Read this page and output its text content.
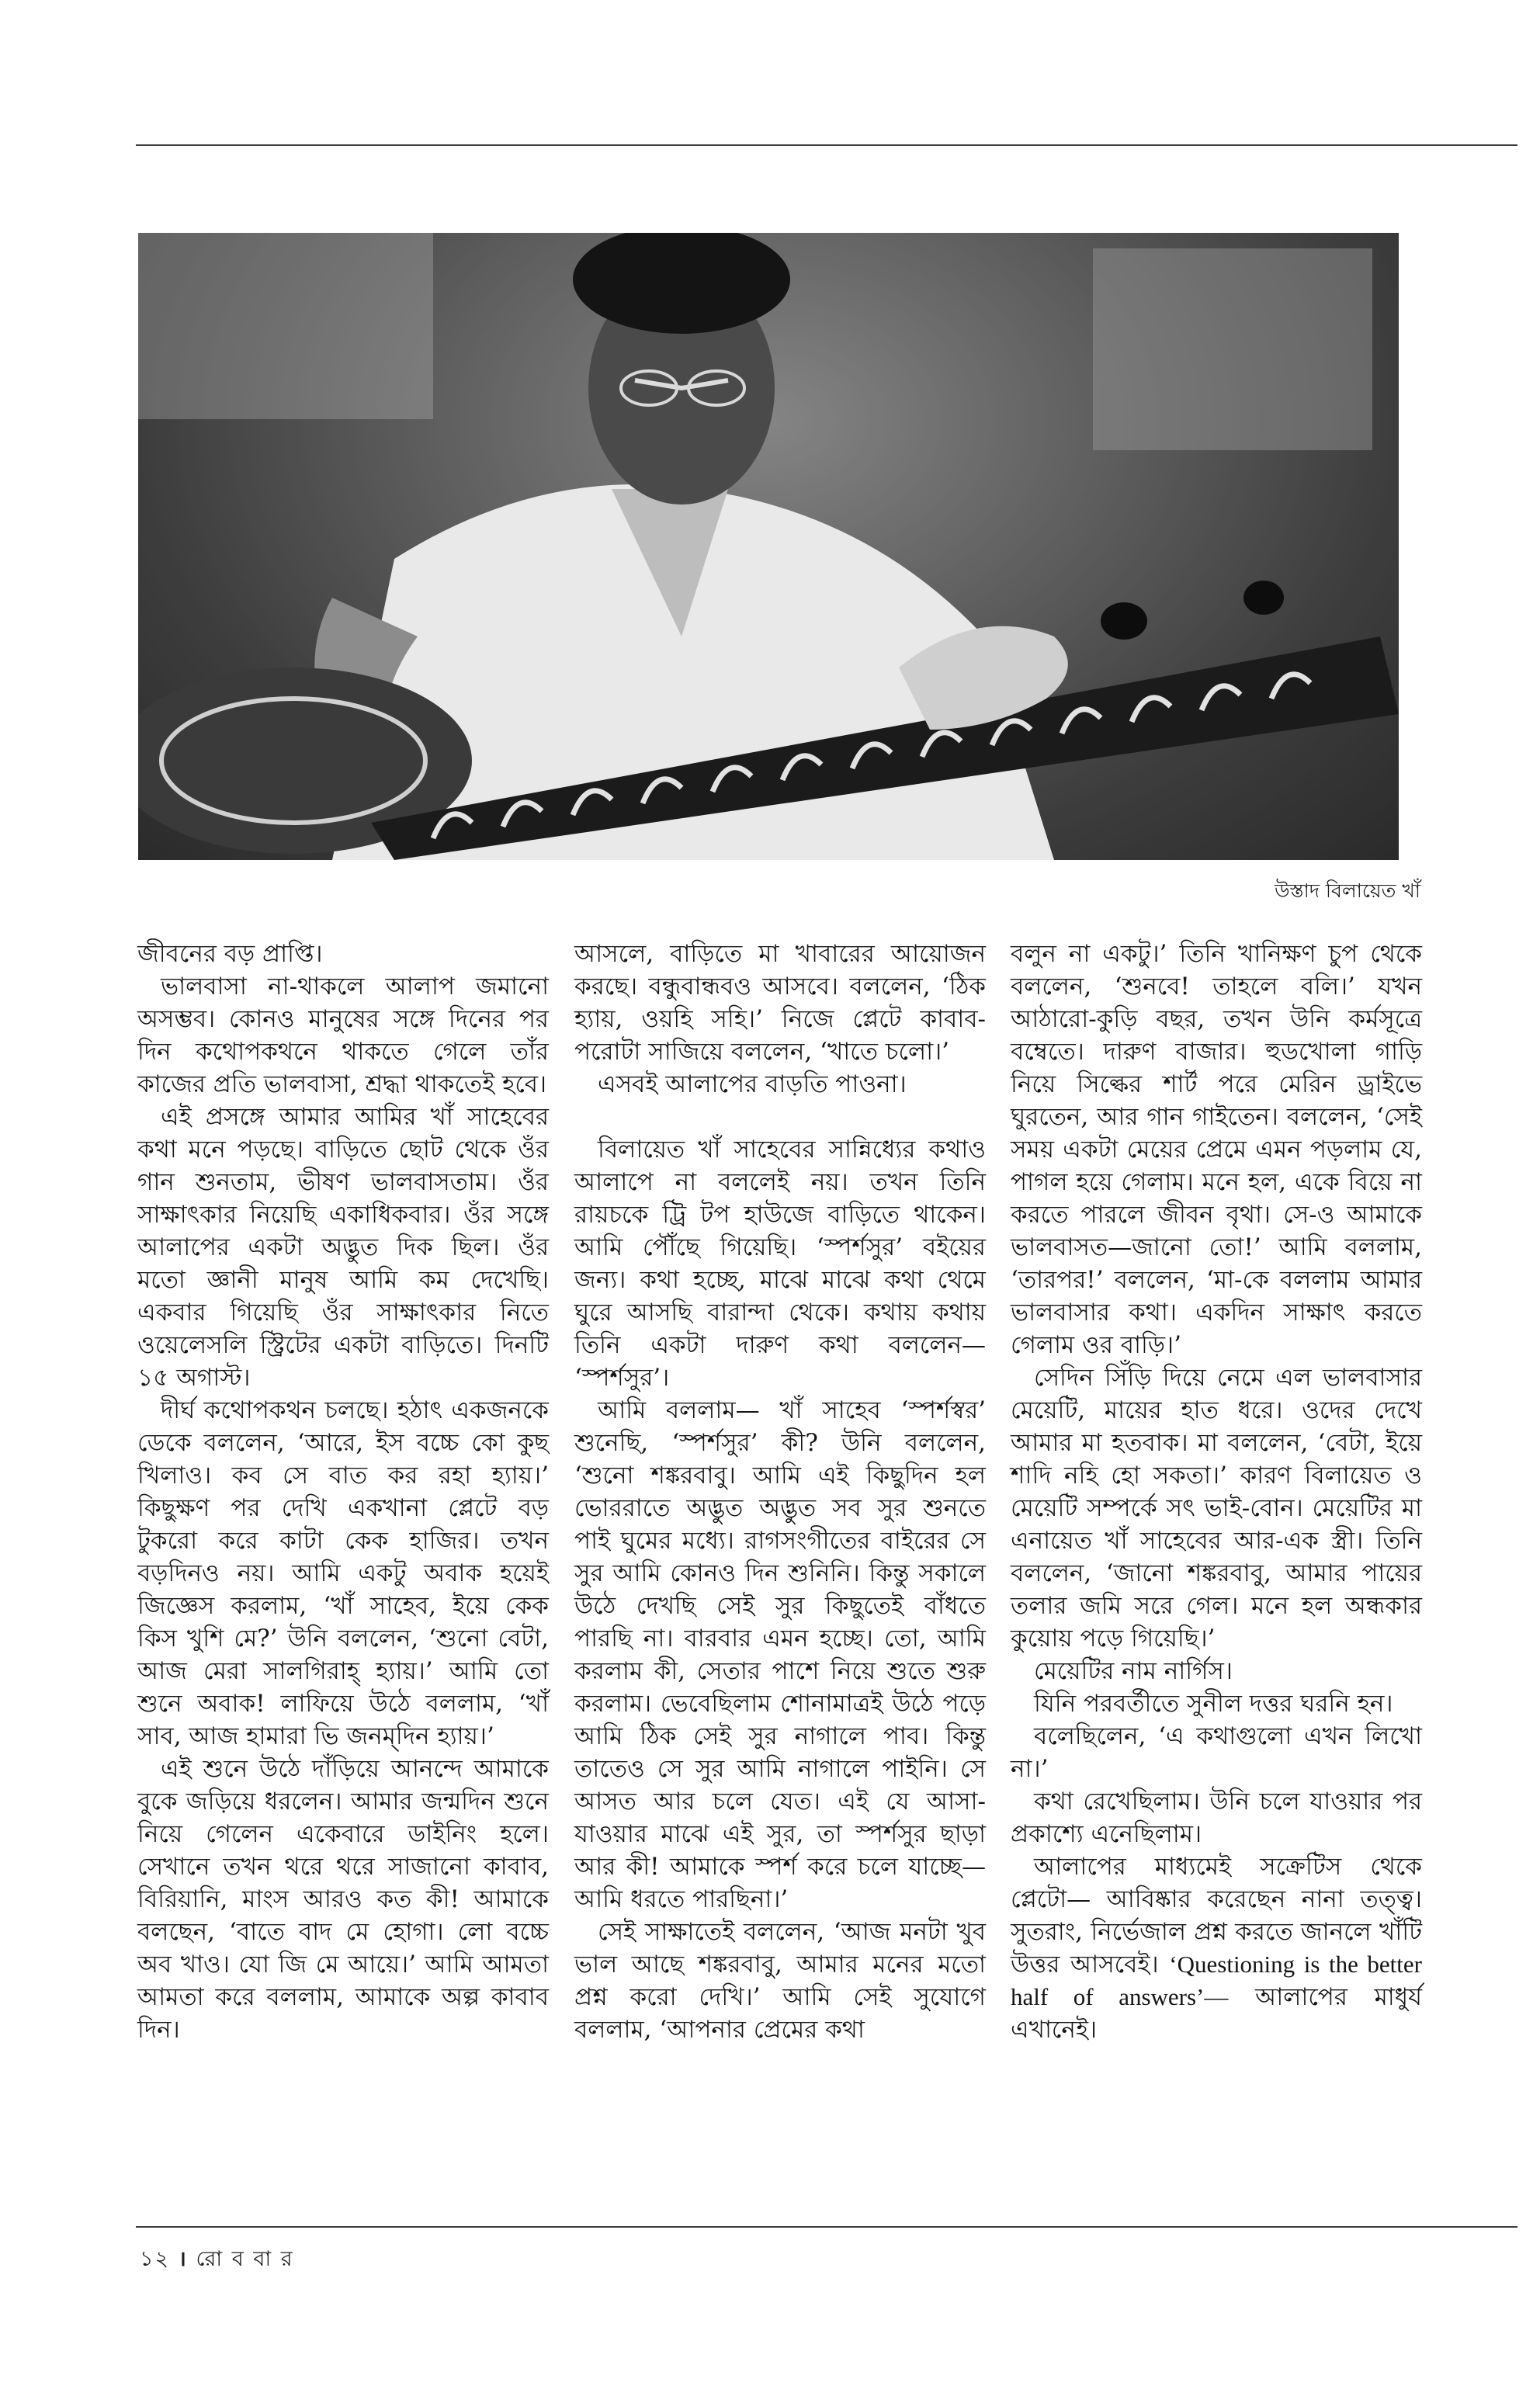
উস্তাদ বিলায়েত খাঁ

জীবনের বড় প্রাপ্তি।

ভালবাসা না-থাকলে আলাপ জমানো অসম্ভব। কোনও মানুষের সঙ্গে দিনের পর দিন কথোপকথনে থাকতে গেলে তাঁর কাজের প্রতি ভালবাসা, শ্রদ্ধা থাকতেই হবে।

এই প্রসঙ্গে আমার আমির খাঁ সাহেবের কথা মনে পড়ছে। বাড়িতে ছোট থেকে ওঁর গান শুনতাম, ভীষণ ভালবাসতাম। ওঁর সাক্ষাৎকার নিয়েছি একাধিকবার। ওঁর সঙ্গে আলাপের একটা অদ্ভুত দিক ছিল। ওঁর মতো জ্ঞানী মানুষ আমি কম দেখেছি। একবার গিয়েছি ওঁর সাক্ষাৎকার নিতে ওয়েলেসলি স্ট্রিটের একটা বাড়িতে। দিনটি ১৫ অগাস্ট।

দীর্ঘ কথোপকথন চলছে। হঠাৎ একজনকে ডেকে বললেন, ‘আরে, ইস বচ্চে কো কুছ খিলাও। কব সে বাত কর রহা হ্যায়।’ কিছুক্ষণ পর দেখি একখানা প্লেটে বড় টুকরো করে কাটা কেক হাজির। তখন বড়দিনও নয়। আমি একটু অবাক হয়েই জিজ্ঞেস করলাম, ‘খাঁ সাহেব, ইয়ে কেক কিস খুশি মে?’ উনি বললেন, ‘শুনো বেটা, আজ মেরা সালগিরাহ্ হ্যায়।’ আমি তো শুনে অবাক! লাফিয়ে উঠে বললাম, ‘খাঁ সাব, আজ হামারা ভি জনম্‌দিন হ্যায়।’

এই শুনে উঠে দাঁড়িয়ে আনন্দে আমাকে বুকে জড়িয়ে ধরলেন। আমার জন্মদিন শুনে নিয়ে গেলেন একেবারে ডাইনিং হলে। সেখানে তখন থরে থরে সাজানো কাবাব, বিরিয়ানি, মাংস আরও কত কী! আমাকে বলছেন, ‘বাতে বাদ মে হোগা। লো বচ্চে অব খাও। যো জি মে আয়ে।’ আমি আমতা আমতা করে বললাম, আমাকে অল্প কাবাব দিন।

আসলে, বাড়িতে মা খাবারের আয়োজন করছে। বন্ধুবান্ধবও আসবে। বললেন, ‘ঠিক হ্যায়, ওয়হি সহি।’ নিজে প্লেটে কাবাব-পরোটা সাজিয়ে বললেন, ‘খাতে চলো।’

এসবই আলাপের বাড়তি পাওনা।

বিলায়েত খাঁ সাহেবের সান্নিধ্যের কথাও আলাপে না বললেই নয়। তখন তিনি রায়চকে ট্রি টপ হাউজে বাড়িতে থাকেন। আমি পৌঁছে গিয়েছি। ‘স্পর্শসুর’ বইয়ের জন্য। কথা হচ্ছে, মাঝে মাঝে কথা থেমে ঘুরে আসছি বারান্দা থেকে। কথায় কথায় তিনি একটা দারুণ কথা বললেন— ‘স্পর্শসুর’।

আমি বললাম— খাঁ সাহেব ‘স্পর্শস্বর’ শুনেছি, ‘স্পর্শসুর’ কী? উনি বললেন, ‘শুনো শঙ্করবাবু। আমি এই কিছুদিন হল ভোররাতে অদ্ভুত অদ্ভুত সব সুর শুনতে পাই ঘুমের মধ্যে। রাগসংগীতের বাইরের সে সুর আমি কোনও দিন শুনিনি। কিন্তু সকালে উঠে দেখছি সেই সুর কিছুতেই বাঁধতে পারছি না। বারবার এমন হচ্ছে। তো, আমি করলাম কী, সেতার পাশে নিয়ে শুতে শুরু করলাম। ভেবেছিলাম শোনামাত্রই উঠে পড়ে আমি ঠিক সেই সুর নাগালে পাব। কিন্তু তাতেও সে সুর আমি নাগালে পাইনি। সে আসত আর চলে যেত। এই যে আসা-যাওয়ার মাঝে এই সুর, তা স্পর্শসুর ছাড়া আর কী! আমাকে স্পর্শ করে চলে যাচ্ছে— আমি ধরতে পারছিনা।’

সেই সাক্ষাতেই বললেন, ‘আজ মনটা খুব ভাল আছে শঙ্করবাবু, আমার মনের মতো প্রশ্ন করো দেখি।’ আমি সেই সুযোগে বললাম, ‘আপনার প্রেমের কথা

বলুন না একটু।’ তিনি খানিক্ষণ চুপ থেকে বললেন, ‘শুনবে! তাহলে বলি।’ যখন আঠারো-কুড়ি বছর, তখন উনি কর্মসূত্রে বম্বেতে। দারুণ বাজার। হুডখোলা গাড়ি নিয়ে সিল্কের শার্ট পরে মেরিন ড্রাইভে ঘুরতেন, আর গান গাইতেন। বললেন, ‘সেই সময় একটা মেয়ের প্রেমে এমন পড়লাম যে, পাগল হয়ে গেলাম। মনে হল, একে বিয়ে না করতে পারলে জীবন বৃথা। সে-ও আমাকে ভালবাসত—জানো তো!’ আমি বললাম, ‘তারপর!’ বললেন, ‘মা-কে বললাম আমার ভালবাসার কথা। একদিন সাক্ষাৎ করতে গেলাম ওর বাড়ি।’

সেদিন সিঁড়ি দিয়ে নেমে এল ভালবাসার মেয়েটি, মায়ের হাত ধরে। ওদের দেখে আমার মা হতবাক। মা বললেন, ‘বেটা, ইয়ে শাদি নহি হো সকতা।’ কারণ বিলায়েত ও মেয়েটি সম্পর্কে সৎ ভাই-বোন। মেয়েটির মা এনায়েত খাঁ সাহেবের আর-এক স্ত্রী। তিনি বললেন, ‘জানো শঙ্করবাবু, আমার পায়ের তলার জমি সরে গেল। মনে হল অন্ধকার কুয়োয় পড়ে গিয়েছি।’

মেয়েটির নাম নার্গিস।

যিনি পরবর্তীতে সুনীল দত্তর ঘরনি হন।

বলেছিলেন, ‘এ কথাগুলো এখন লিখো না।’

কথা রেখেছিলাম। উনি চলে যাওয়ার পর প্রকাশ্যে এনেছিলাম।

আলাপের মাধ্যমেই সক্রেটিস থেকে প্লেটো— আবিষ্কার করেছেন নানা তত্ত্ব। সুতরাং, নির্ভেজাল প্রশ্ন করতে জানলে খাঁটি উত্তর আসবেই। ‘Questioning is the better half of answers’— আলাপের মাধুর্য এখানেই।

১২ । রো ব বা র
